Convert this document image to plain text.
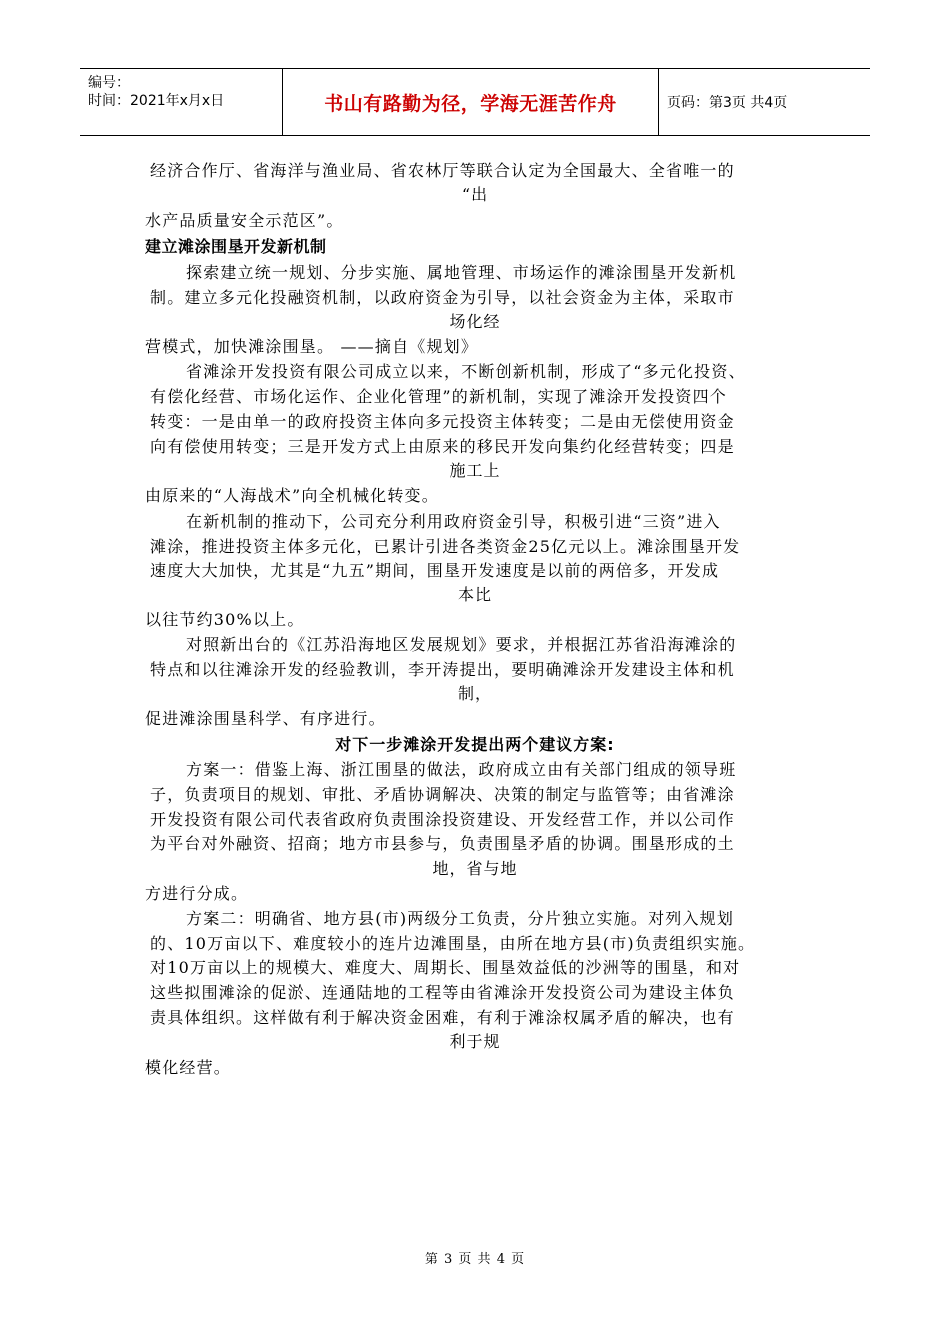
编号：
时间：2021年x月x日	书山有路勤为径，学海无涯苦作舟	页码：第3页 共4页
经济合作厅、省海洋与渔业局、省农林厅等联合认定为全国最大、全省唯一的
“出
水产品质量安全示范区”。
建立滩涂围垦开发新机制
探索建立统一规划、分步实施、属地管理、市场运作的滩涂围垦开发新机
制。建立多元化投融资机制，以政府资金为引导，以社会资金为主体，采取市
场化经
营模式，加快滩涂围垦。 ——摘自《规划》
省滩涂开发投资有限公司成立以来，不断创新机制，形成了“多元化投资、
有偿化经营、市场化运作、企业化管理”的新机制，实现了滩涂开发投资四个
转变：一是由单一的政府投资主体向多元投资主体转变；二是由无偿使用资金
向有偿使用转变；三是开发方式上由原来的移民开发向集约化经营转变；四是
施工上
由原来的“人海战术”向全机械化转变。
在新机制的推动下，公司充分利用政府资金引导，积极引进“三资”进入
滩涂，推进投资主体多元化，已累计引进各类资金25亿元以上。滩涂围垦开发
速度大大加快，尤其是“九五”期间，围垦开发速度是以前的两倍多，开发成
本比
以往节约30%以上。
对照新出台的《江苏沿海地区发展规划》要求，并根据江苏省沿海滩涂的
特点和以往滩涂开发的经验教训，李开涛提出，要明确滩涂开发建设主体和机
制，
促进滩涂围垦科学、有序进行。
对下一步滩涂开发提出两个建议方案:
方案一：借鉴上海、浙江围垦的做法，政府成立由有关部门组成的领导班
子，负责项目的规划、审批、矛盾协调解决、决策的制定与监管等；由省滩涂
开发投资有限公司代表省政府负责围涂投资建设、开发经营工作，并以公司作
为平台对外融资、招商；地方市县参与，负责围垦矛盾的协调。围垦形成的土
地，省与地
方进行分成。
方案二：明确省、地方县(市)两级分工负责，分片独立实施。对列入规划
的、10万亩以下、难度较小的连片边滩围垦，由所在地方县(市)负责组织实施。
对10万亩以上的规模大、难度大、周期长、围垦效益低的沙洲等的围垦，和对
这些拟围滩涂的促淤、连通陆地的工程等由省滩涂开发投资公司为建设主体负
责具体组织。这样做有利于解决资金困难，有利于滩涂权属矛盾的解决，也有
利于规
模化经营。
第 3 页 共 4 页
